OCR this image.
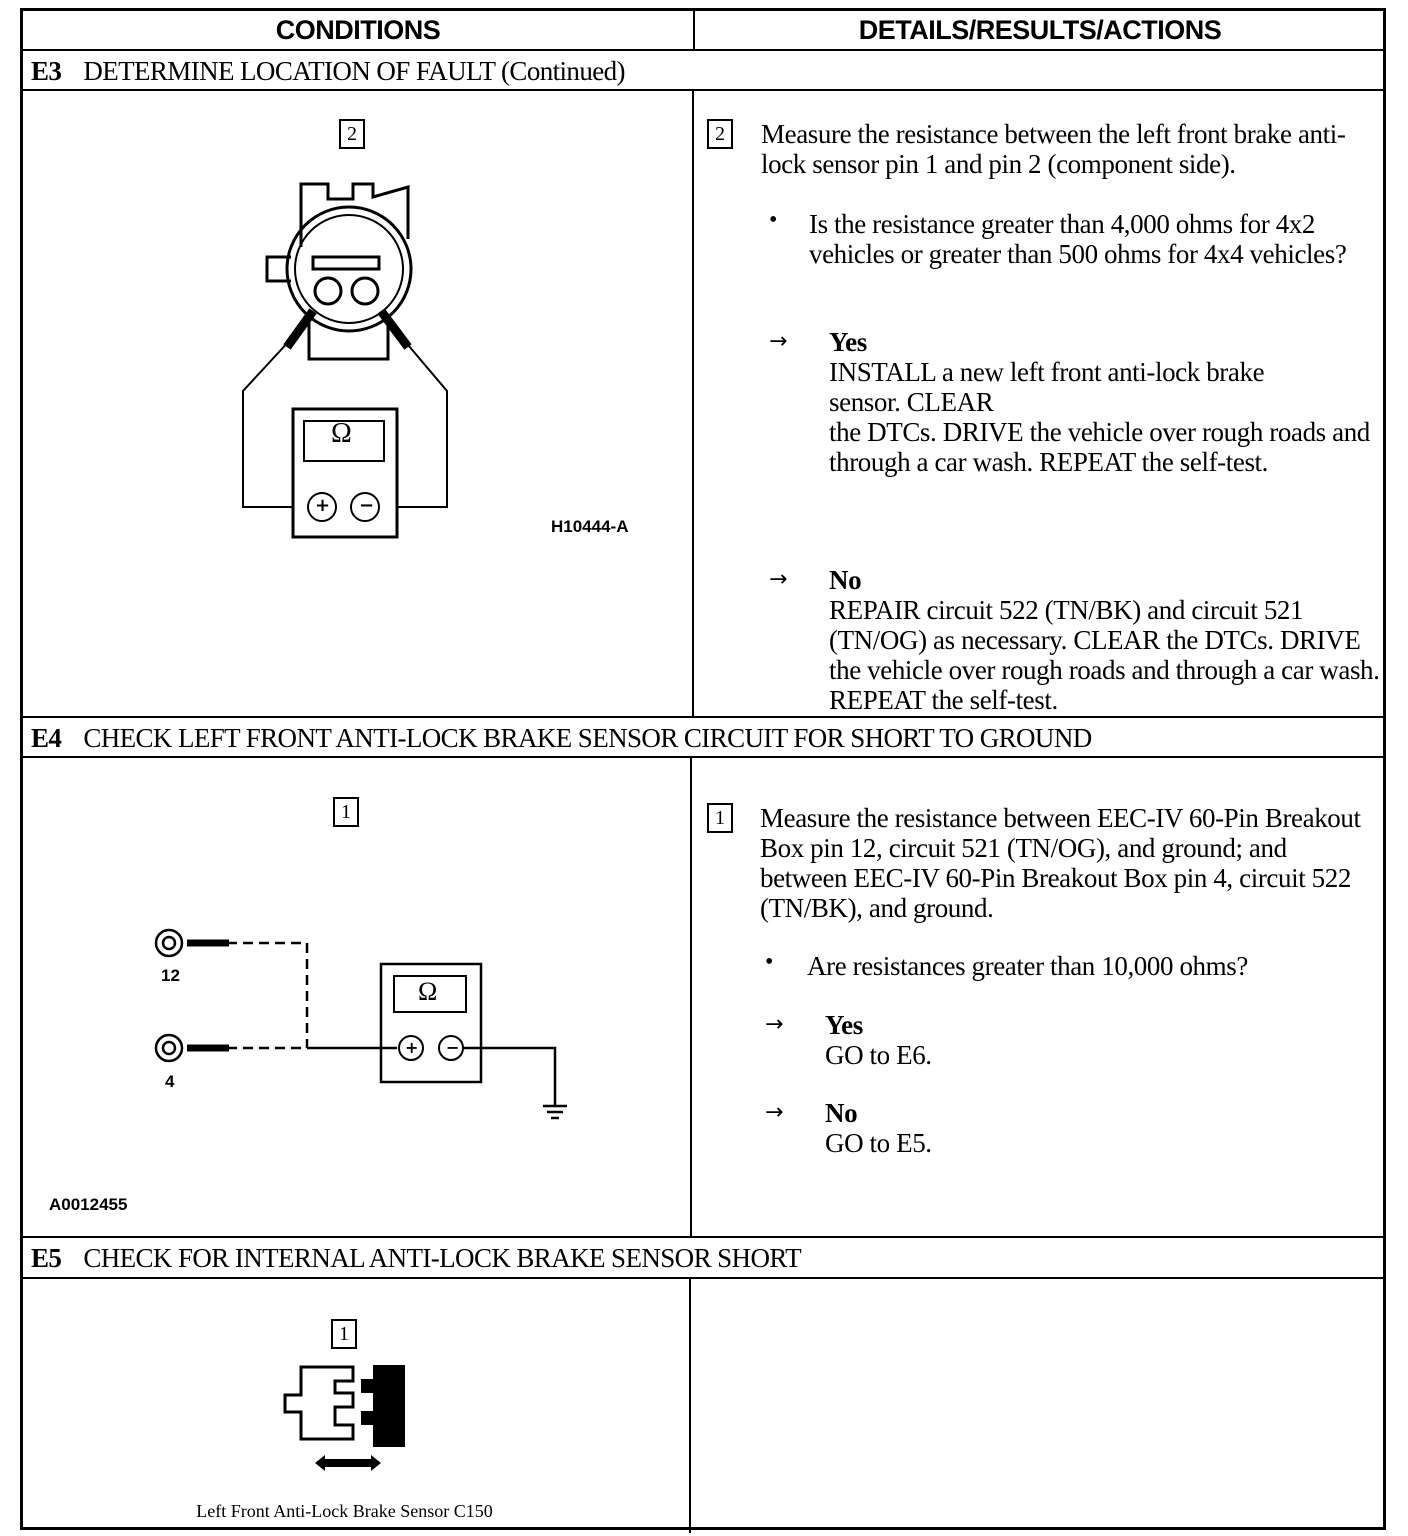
CONDITIONS	DETAILS/RESULTS/ACTIONS
E3 DETERMINE LOCATION OF FAULT (Continued)
2
Ω
+ −
H10444-A
2 Measure the resistance between the left front brake anti-lock sensor pin 1 and pin 2 (component side).
• Is the resistance greater than 4,000 ohms for 4x2 vehicles or greater than 500 ohms for 4x4 vehicles?
→ Yes
INSTALL a new left front anti-lock brake sensor. CLEAR
the DTCs. DRIVE the vehicle over rough roads and through a car wash. REPEAT the self-test.
→ No
REPAIR circuit 522 (TN/BK) and circuit 521 (TN/OG) as necessary. CLEAR the DTCs. DRIVE the vehicle over rough roads and through a car wash. REPEAT the self-test.
E4 CHECK LEFT FRONT ANTI-LOCK BRAKE SENSOR CIRCUIT FOR SHORT TO GROUND
1
12
4
Ω
+ −
A0012455
1 Measure the resistance between EEC-IV 60-Pin Breakout Box pin 12, circuit 521 (TN/OG), and ground; and between EEC-IV 60-Pin Breakout Box pin 4, circuit 522 (TN/BK), and ground.
• Are resistances greater than 10,000 ohms?
→ Yes
GO to E6.
→ No
GO to E5.
E5 CHECK FOR INTERNAL ANTI-LOCK BRAKE SENSOR SHORT
1
Left Front Anti-Lock Brake Sensor C150
